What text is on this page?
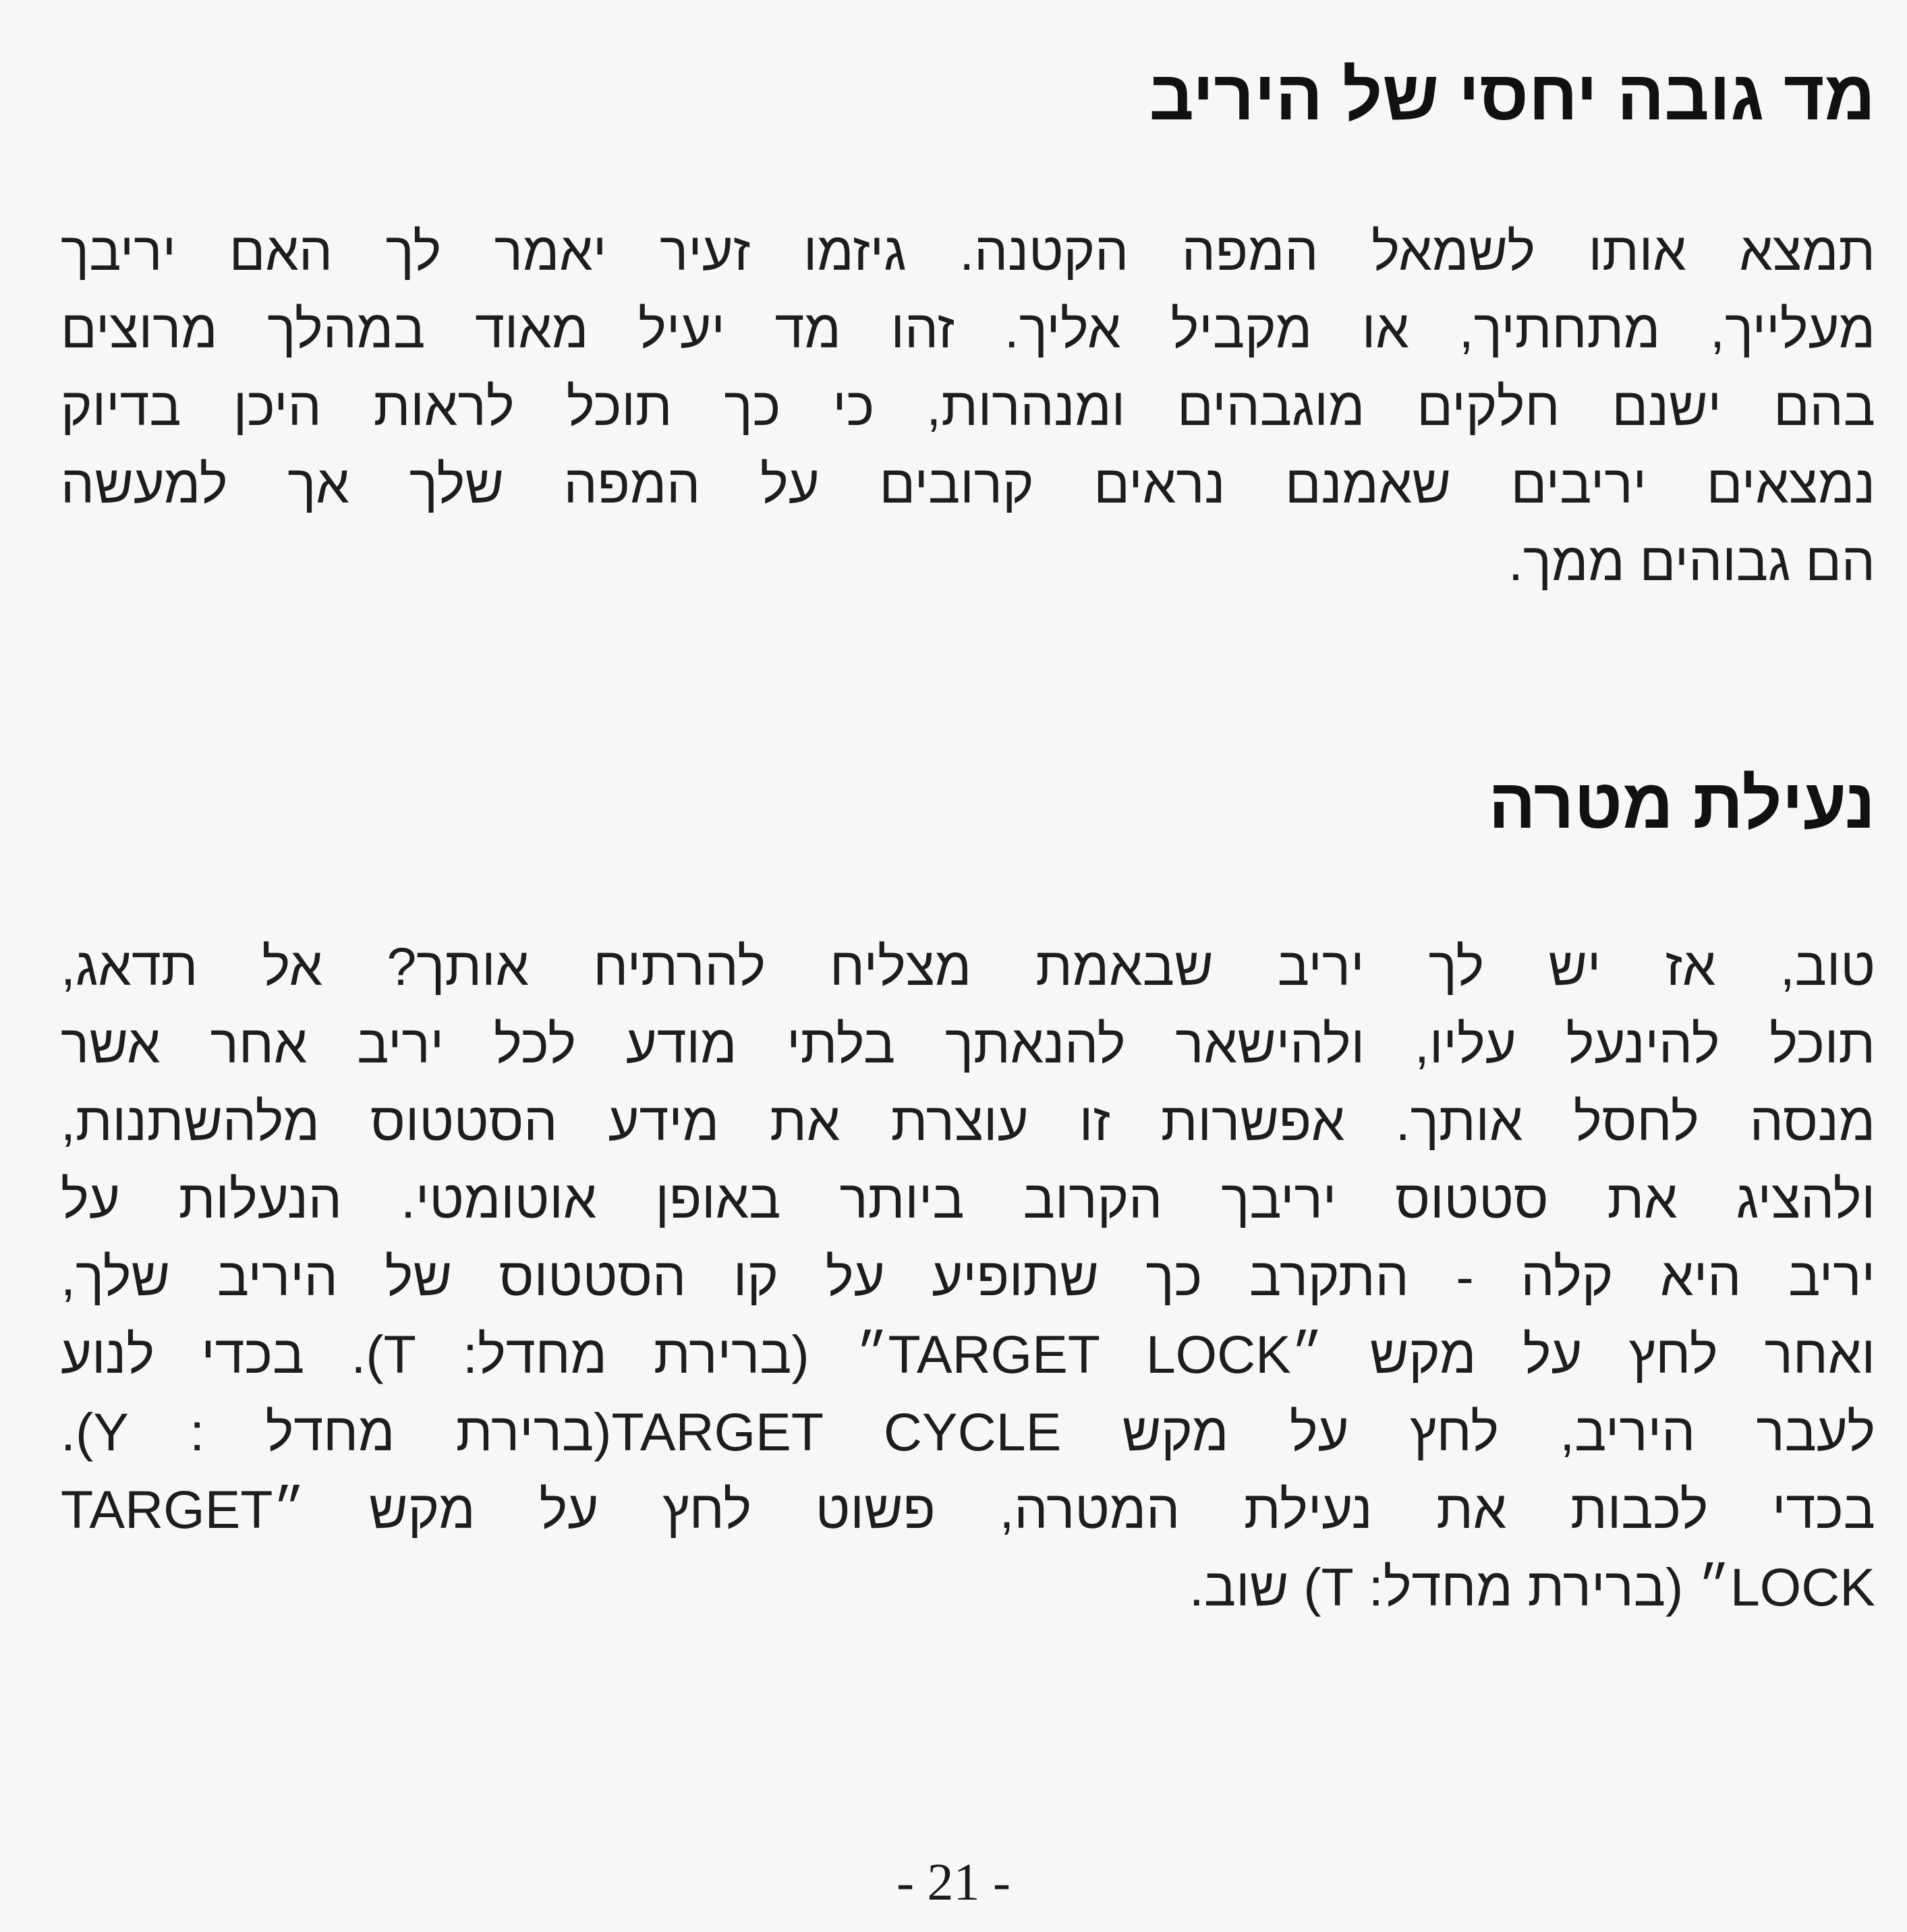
מד גובה יחסי של היריב
תמצא אותו לשמאל המפה הקטנה. גיזמו זעיר יאמר לך האם יריבך
מעלייך, מתחתיך, או מקביל אליך. זהו מד יעיל מאוד במהלך מרוצים
בהם ישנם חלקים מוגבהים ומנהרות, כי כך תוכל לראות היכן בדיוק
נמצאים יריבים שאמנם נראים קרובים על המפה שלך אך למעשה
הם גבוהים ממך.
נעילת מטרה
טוב, אז יש לך יריב שבאמת מצליח להרתיח אותך? אל תדאג,
תוכל להינעל עליו, ולהישאר להנאתך בלתי מודע לכל יריב אחר אשר
מנסה לחסל אותך. אפשרות זו עוצרת את מידע הסטטוס מלהשתנות,
ולהציג את סטטוס יריבך הקרוב ביותר באופן אוטומטי. הנעלות על
יריב היא קלה - התקרב כך שתופיע על קו הסטטוס של היריב שלך,
ואחר לחץ על מקש ״TARGET LOCK״ (ברירת מחדל: T). בכדי לנוע
לעבר היריב, לחץ על מקש TARGET CYCLE(ברירת מחדל : Y).
בכדי לכבות את נעילת המטרה, פשוט לחץ על מקש ״TARGET
LOCK״ (ברירת מחדל: T) שוב.
- 21 -
